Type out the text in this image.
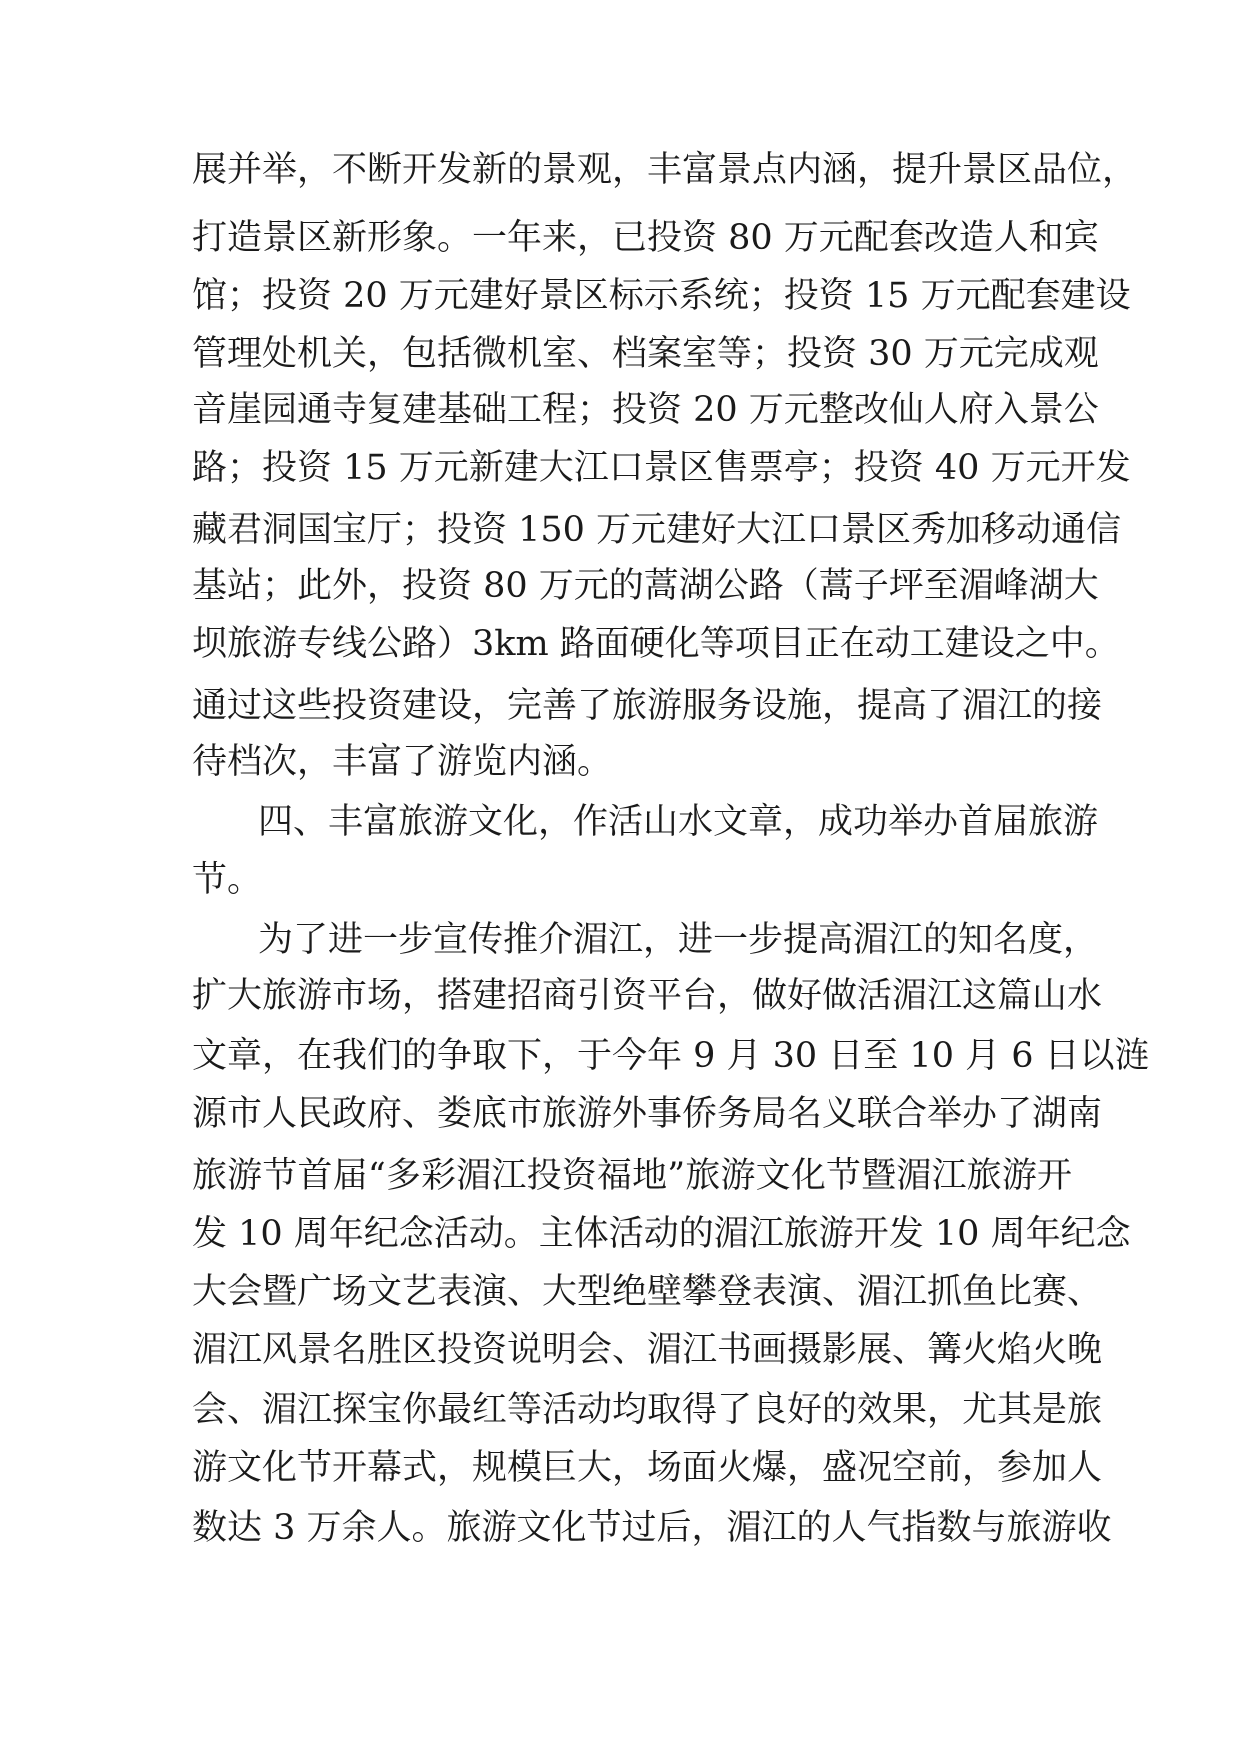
展并举，不断开发新的景观，丰富景点内涵，提升景区品位，
打造景区新形象。一年来，已投资 80 万元配套改造人和宾
馆；投资 20 万元建好景区标示系统；投资 15 万元配套建设
管理处机关，包括微机室、档案室等；投资 30 万元完成观
音崖园通寺复建基础工程；投资 20 万元整改仙人府入景公
路；投资 15 万元新建大江口景区售票亭；投资 40 万元开发
藏君洞国宝厅；投资 150 万元建好大江口景区秀加移动通信
基站；此外，投资 80 万元的蒿湖公路（蒿子坪至湄峰湖大
坝旅游专线公路）3km 路面硬化等项目正在动工建设之中。
通过这些投资建设，完善了旅游服务设施，提高了湄江的接
待档次，丰富了游览内涵。
四、丰富旅游文化，作活山水文章，成功举办首届旅游
节。
为了进一步宣传推介湄江，进一步提高湄江的知名度，
扩大旅游市场，搭建招商引资平台，做好做活湄江这篇山水
文章，在我们的争取下，于今年 9 月 30 日至 10 月 6 日以涟
源市人民政府、娄底市旅游外事侨务局名义联合举办了湖南
旅游节首届“多彩湄江投资福地”旅游文化节暨湄江旅游开
发 10 周年纪念活动。主体活动的湄江旅游开发 10 周年纪念
大会暨广场文艺表演、大型绝壁攀登表演、湄江抓鱼比赛、
湄江风景名胜区投资说明会、湄江书画摄影展、篝火焰火晚
会、湄江探宝你最红等活动均取得了良好的效果，尤其是旅
游文化节开幕式，规模巨大，场面火爆，盛况空前，参加人
数达 3 万余人。旅游文化节过后，湄江的人气指数与旅游收
